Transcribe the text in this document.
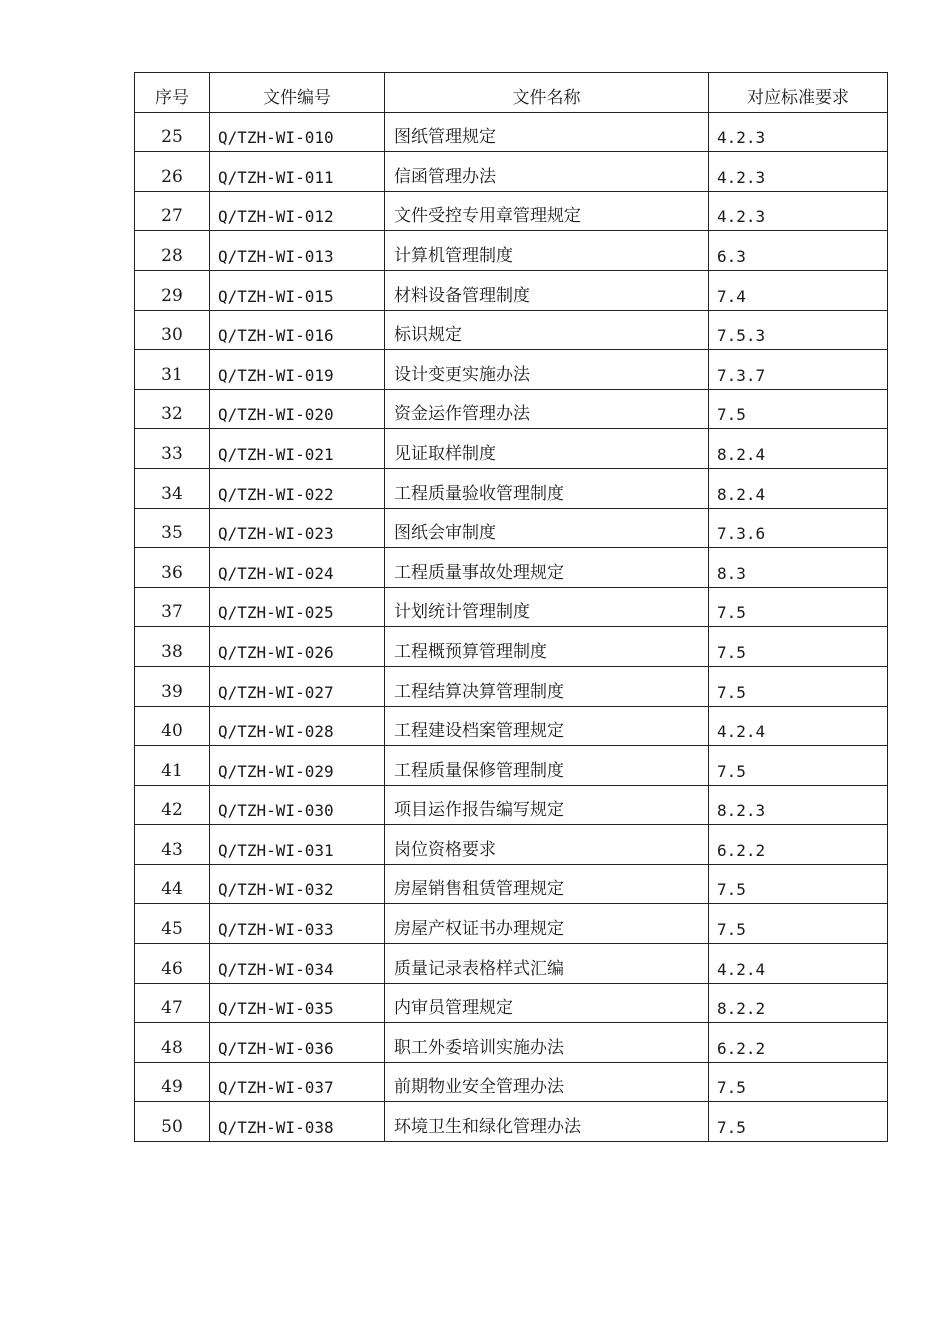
序号	文件编号	文件名称	对应标准要求
25	Q/TZH-WI-010	图纸管理规定	4.2.3
26	Q/TZH-WI-011	信函管理办法	4.2.3
27	Q/TZH-WI-012	文件受控专用章管理规定	4.2.3
28	Q/TZH-WI-013	计算机管理制度	6.3
29	Q/TZH-WI-015	材料设备管理制度	7.4
30	Q/TZH-WI-016	标识规定	7.5.3
31	Q/TZH-WI-019	设计变更实施办法	7.3.7
32	Q/TZH-WI-020	资金运作管理办法	7.5
33	Q/TZH-WI-021	见证取样制度	8.2.4
34	Q/TZH-WI-022	工程质量验收管理制度	8.2.4
35	Q/TZH-WI-023	图纸会审制度	7.3.6
36	Q/TZH-WI-024	工程质量事故处理规定	8.3
37	Q/TZH-WI-025	计划统计管理制度	7.5
38	Q/TZH-WI-026	工程概预算管理制度	7.5
39	Q/TZH-WI-027	工程结算决算管理制度	7.5
40	Q/TZH-WI-028	工程建设档案管理规定	4.2.4
41	Q/TZH-WI-029	工程质量保修管理制度	7.5
42	Q/TZH-WI-030	项目运作报告编写规定	8.2.3
43	Q/TZH-WI-031	岗位资格要求	6.2.2
44	Q/TZH-WI-032	房屋销售租赁管理规定	7.5
45	Q/TZH-WI-033	房屋产权证书办理规定	7.5
46	Q/TZH-WI-034	质量记录表格样式汇编	4.2.4
47	Q/TZH-WI-035	内审员管理规定	8.2.2
48	Q/TZH-WI-036	职工外委培训实施办法	6.2.2
49	Q/TZH-WI-037	前期物业安全管理办法	7.5
50	Q/TZH-WI-038	环境卫生和绿化管理办法	7.5
